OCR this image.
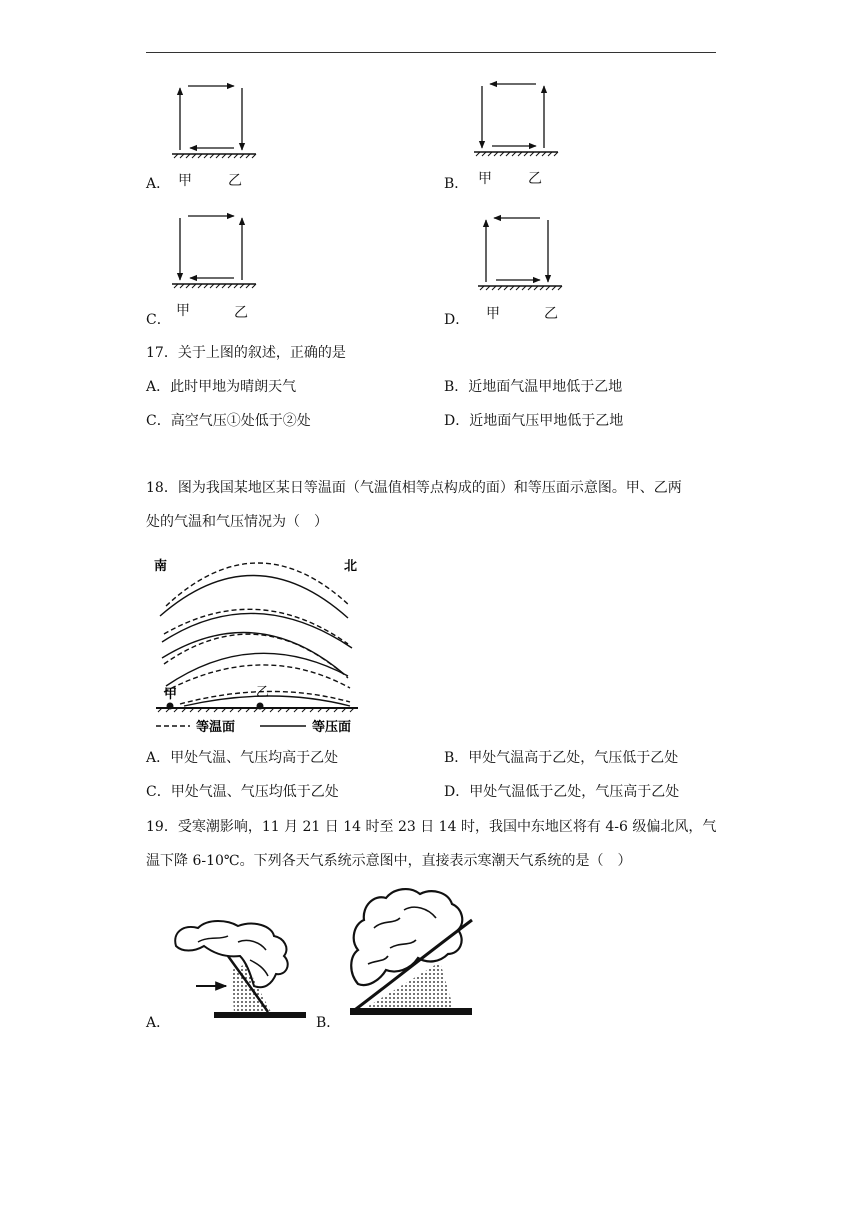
A． 甲	乙	B． 甲	乙
C．
甲	乙	D． 甲	乙
17．关于上图的叙述，正确的是
A．此时甲地为晴朗天气	B．近地面气温甲地低于乙地
C．高空气压①处低于②处	D．近地面气压甲地低于乙地
18．图为我国某地区某日等温面（气温值相等点构成的面）和等压面示意图。甲、乙两
处的气温和气压情况为（　）
南	北
甲	乙
等温面	等压面
A．甲处气温、气压均高于乙处	B．甲处气温高于乙处，气压低于乙处
C．甲处气温、气压均低于乙处	D．甲处气温低于乙处，气压高于乙处
19．受寒潮影响，11 月 21 日 14 时至 23 日 14 时，我国中东地区将有 4-6 级偏北风，气
温下降 6-10℃。下列各天气系统示意图中，直接表示寒潮天气系统的是（　）
A．	B．
